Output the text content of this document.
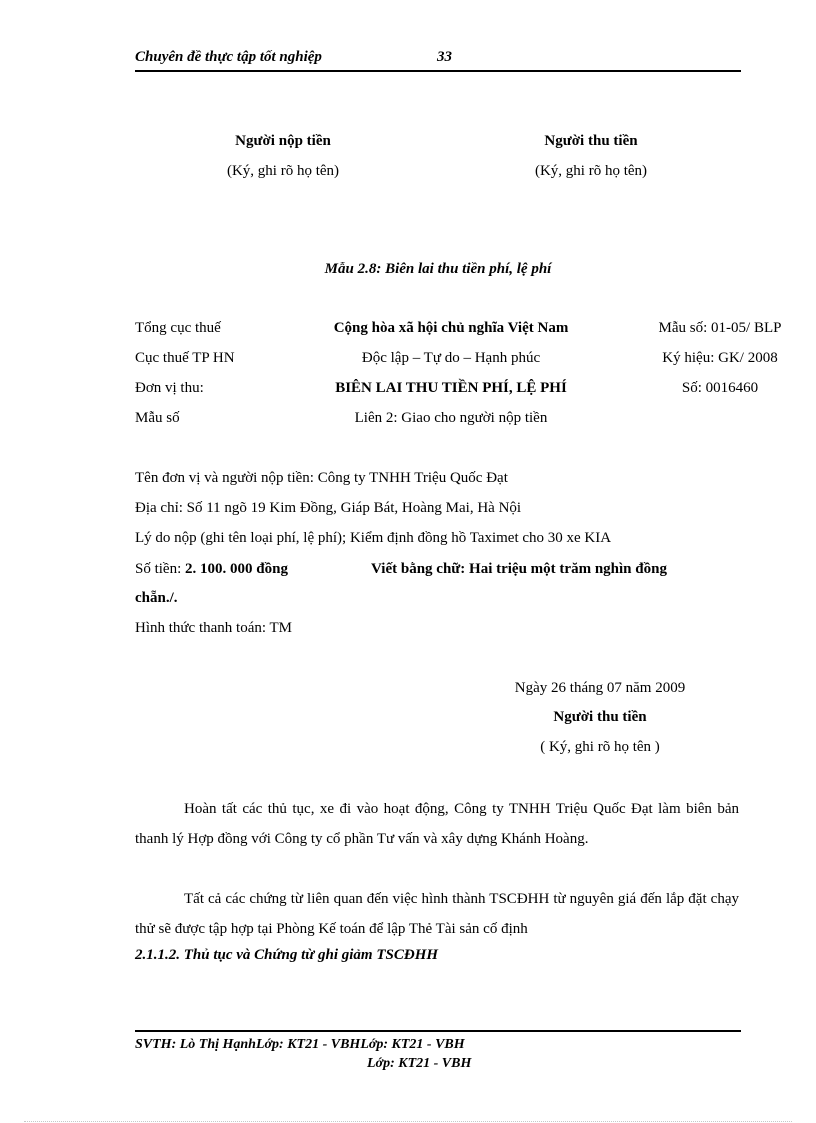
Chuyên đề thực tập tốt nghiệp	33
Người nộp tiền
(Ký, ghi rõ họ tên)
Người thu tiền
(Ký, ghi rõ họ tên)
Mẫu 2.8: Biên lai thu tiền phí, lệ phí
Tổng cục thuế
Cục thuế TP HN
Đơn vị thu:
Mẫu số
Cộng hòa xã hội chủ nghĩa Việt Nam
Độc lập – Tự do – Hạnh phúc
BIÊN LAI THU TIỀN PHÍ, LỆ PHÍ
Liên 2: Giao cho người nộp tiền
Mẫu số: 01-05/ BLP
Ký hiệu: GK/ 2008
Số: 0016460
Tên đơn vị và người nộp tiền: Công ty TNHH Triệu Quốc Đạt
Địa chỉ: Số 11 ngõ 19 Kim Đồng, Giáp Bát, Hoàng Mai, Hà Nội
Lý do nộp (ghi tên loại phí, lệ phí); Kiểm định đồng hồ Taximet cho 30 xe KIA
Số tiền: 2. 100. 000 đồng	Viết bằng chữ: Hai triệu một trăm nghìn đồng
chẵn./.
Hình thức thanh toán: TM
Ngày 26 tháng 07 năm 2009
Người thu tiền
( Ký, ghi rõ họ tên )
Hoàn tất các thủ tục, xe đi vào hoạt động, Công ty TNHH Triệu Quốc Đạt làm biên bản thanh lý Hợp đồng với Công ty cổ phần Tư vấn và xây dựng Khánh Hoàng.
Tất cả các chứng từ liên quan đến việc hình thành TSCĐHH từ nguyên giá đến lắp đặt chạy thử sẽ được tập hợp tại Phòng Kế toán để lập Thẻ Tài sản cố định
2.1.1.2. Thủ tục và Chứng từ ghi giảm TSCĐHH
SVTH: Lò Thị HạnhLớp: KT21 - VBHLớp: KT21 - VBH
Lớp: KT21 - VBH
